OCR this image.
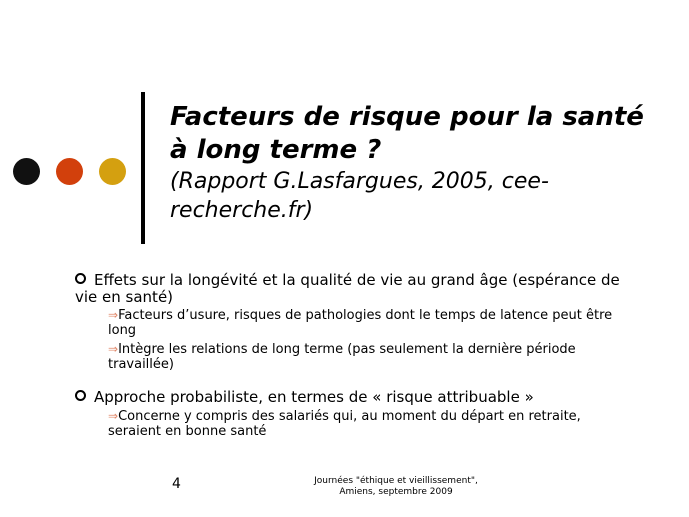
Facteurs de risque pour la santé à long terme ?
(Rapport G.Lasfargues, 2005, cee-recherche.fr)
Effets sur la longévité et la qualité de vie au grand âge (espérance de vie en santé)
⇒Facteurs d’usure, risques de pathologies dont le temps de latence peut être long
⇒Intègre les relations de long terme (pas seulement la dernière période travaillée)
Approche probabiliste, en termes de « risque attribuable »
⇒Concerne y compris des salariés qui, au moment du départ en retraite, seraient en bonne santé
4	Journées "éthique et vieillissement",
Amiens, septembre 2009
